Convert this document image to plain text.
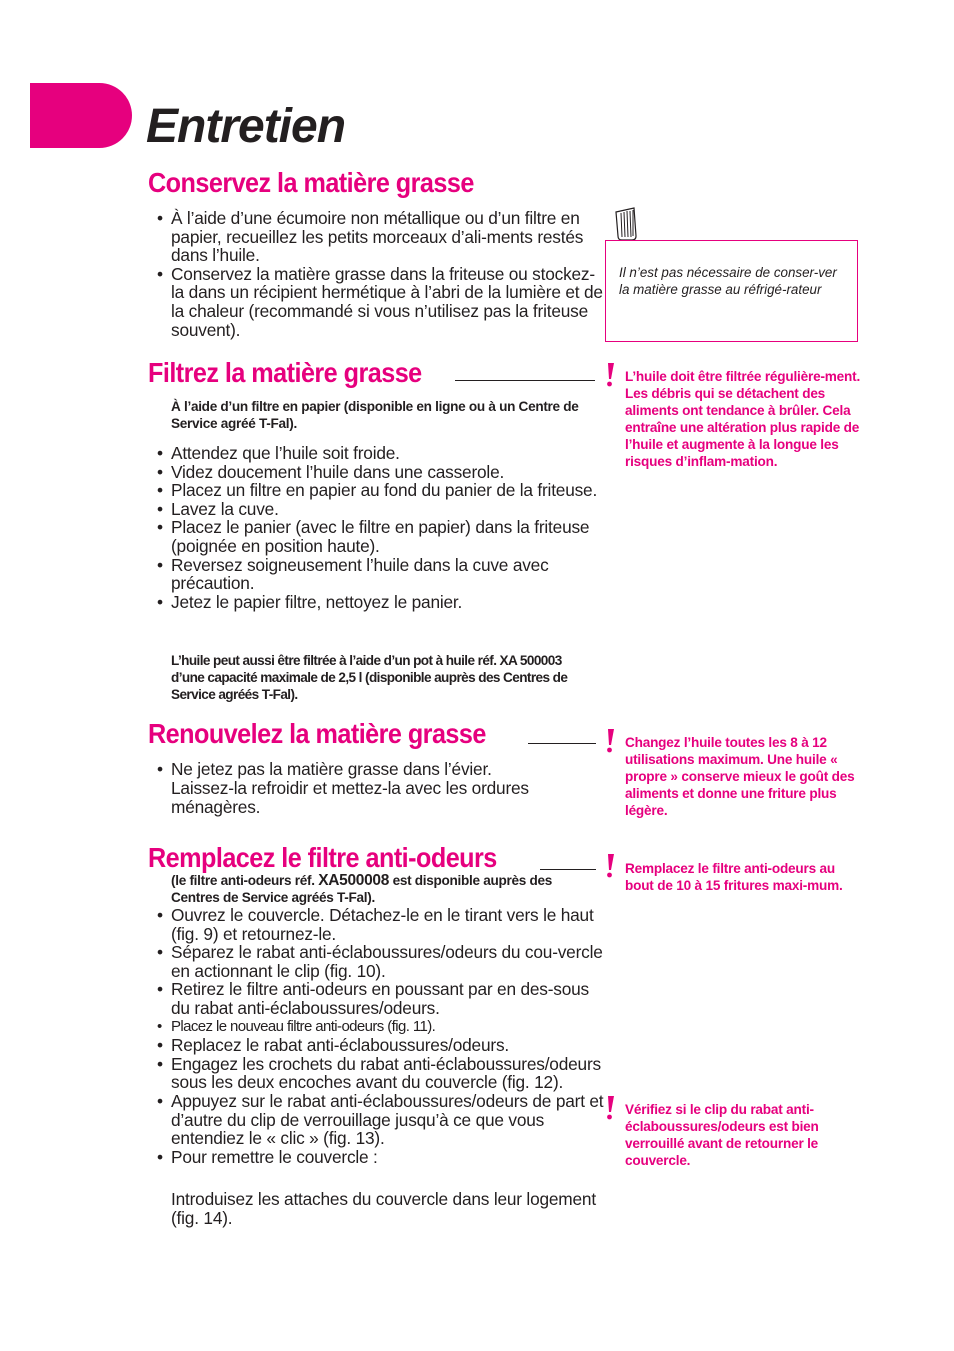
Entretien
Conservez la matière grasse
• À l’aide d’une écumoire non métallique ou d’un filtre en papier, recueillez les petits morceaux d’ali-ments restés dans l’huile.
• Conservez la matière grasse dans la friteuse ou stockez-la dans un récipient hermétique à l’abri de la lumière et de la chaleur (recommandé si vous n’utilisez pas la friteuse souvent).

Il n’est pas nécessaire de conser-ver la matière grasse au réfrigé-rateur

Filtrez la matière grasse

À l’aide d’un filtre en papier (disponible en ligne ou à un Centre de Service agréé T-Fal).

• Attendez que l’huile soit froide.
• Videz doucement l’huile dans une casserole.
• Placez un filtre en papier au fond du panier de la friteuse.
• Lavez la cuve.
• Placez le panier (avec le filtre en papier) dans la friteuse (poignée en position haute).
• Reversez soigneusement l’huile dans la cuve avec précaution.
• Jetez le papier filtre, nettoyez le panier.

L’huile peut aussi être filtrée à l’aide d’un pot à huile réf. XA 500003 d’une capacité maximale de 2,5 l (disponible auprès des Centres de Service agréés T-Fal).

L’huile doit être filtrée régulière-ment. Les débris qui se détachent des aliments ont tendance à brûler. Cela entraîne une altération plus rapide de l’huile et augmente à la longue les risques d’inflam-mation.

Renouvelez la matière grasse
• Ne jetez pas la matière grasse dans l’évier.

Laissez-la refroidir et mettez-la avec les ordures ménagères.

Changez l’huile toutes les 8 à 12 utilisations maximum. Une huile « propre » conserve mieux le goût des aliments et donne une friture plus légère.

Remplacez le filtre anti-odeurs

(le filtre anti-odeurs réf. XA500008 est disponible auprès des Centres de Service agréés T-Fal).

• Ouvrez le couvercle. Détachez-le en le tirant vers le haut (fig. 9) et retournez-le.
• Séparez le rabat anti-éclaboussures/odeurs du cou-vercle en actionnant le clip (fig. 10).
• Retirez le filtre anti-odeurs en poussant par en des-sous du rabat anti-éclaboussures/odeurs.
• Placez le nouveau filtre anti-odeurs (fig. 11).
• Replacez le rabat anti-éclaboussures/odeurs.
• Engagez les crochets du rabat anti-éclaboussures/odeurs sous les deux encoches avant du couvercle (fig. 12).
• Appuyez sur le rabat anti-éclaboussures/odeurs de part et d’autre du clip de verrouillage jusqu’à ce que vous entendiez le « clic » (fig. 13).
• Pour remettre le couvercle :

Introduisez les attaches du couvercle dans leur logement (fig. 14).

Remplacez le filtre anti-odeurs au bout de 10 à 15 fritures maxi-mum.

Vérifiez si le clip du rabat anti-éclaboussures/odeurs est bien verrouillé avant de retourner le couvercle.
